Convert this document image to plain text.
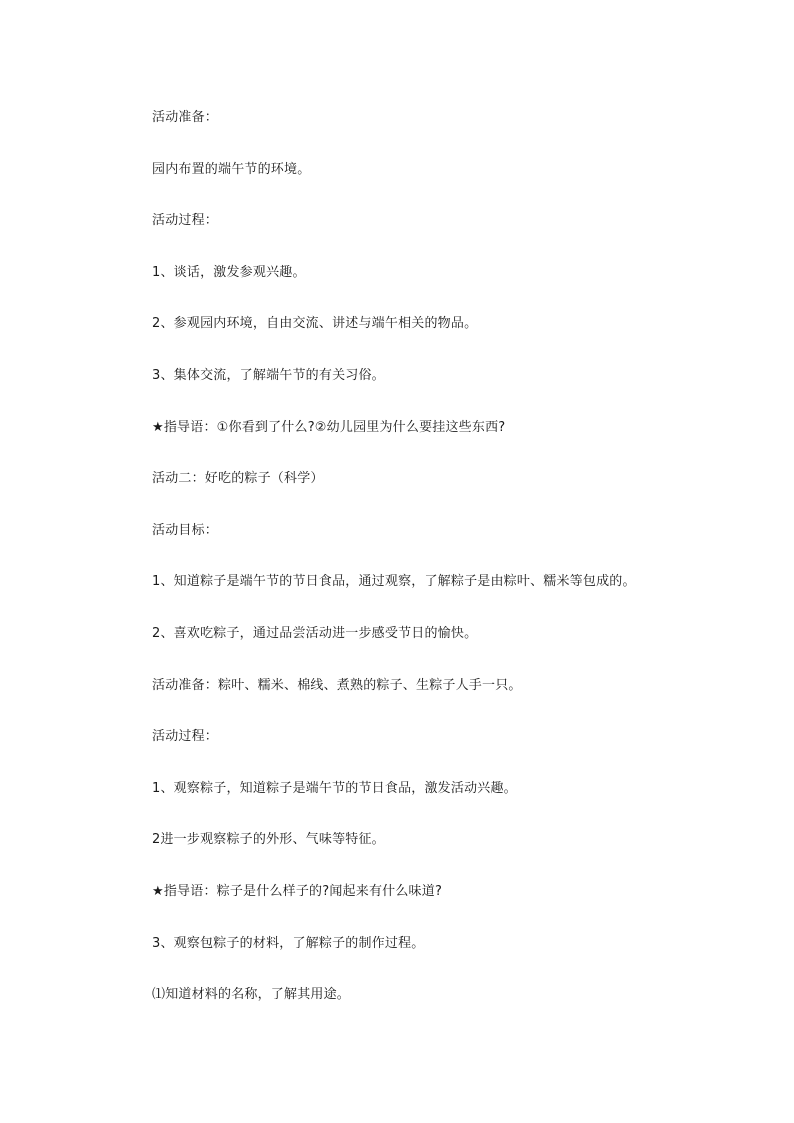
活动准备：

园内布置的端午节的环境。

活动过程：

1、谈话，激发参观兴趣。

2、参观园内环境，自由交流、讲述与端午相关的物品。

3、集体交流，了解端午节的有关习俗。

★指导语：①你看到了什么?②幼儿园里为什么要挂这些东西?

活动二：好吃的粽子（科学）

活动目标：

1、知道粽子是端午节的节日食品，通过观察，了解粽子是由粽叶、糯米等包成的。

2、喜欢吃粽子，通过品尝活动进一步感受节日的愉快。

活动准备：粽叶、糯米、棉线、煮熟的粽子、生粽子人手一只。

活动过程：

1、观察粽子，知道粽子是端午节的节日食品，激发活动兴趣。

2进一步观察粽子的外形、气味等特征。

★指导语：粽子是什么样子的?闻起来有什么味道?

3、观察包粽子的材料，了解粽子的制作过程。

⑴知道材料的名称，了解其用途。
